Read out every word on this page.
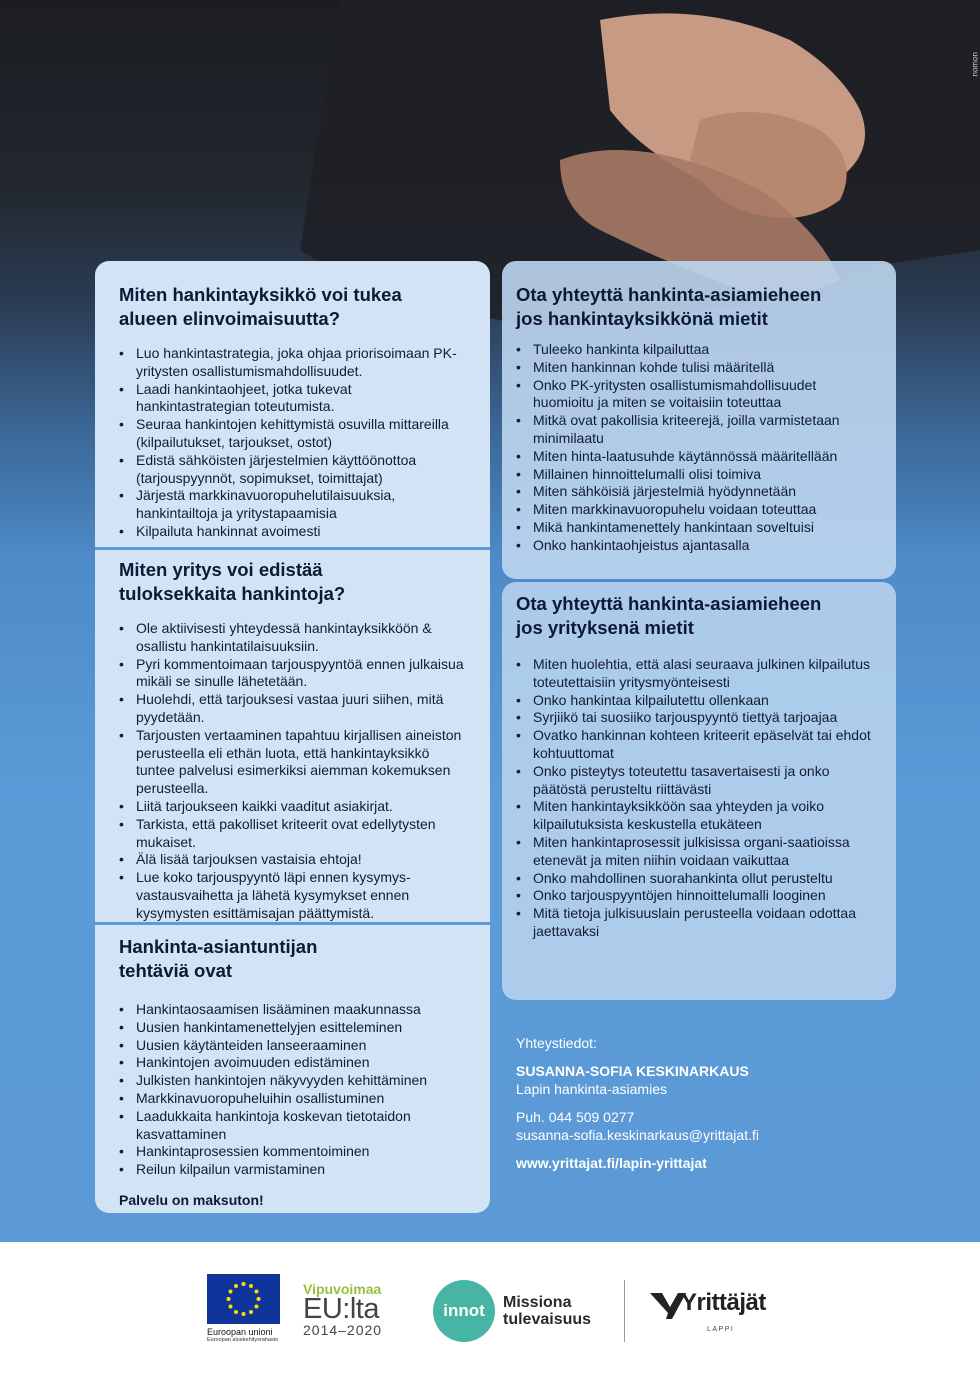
nomon
Miten hankintayksikkö voi tukea
alueen elinvoimaisuutta?
• Luo hankintastrategia, joka ohjaa priorisoimaan PK-yritysten osallistumismahdollisuudet.
• Laadi hankintaohjeet, jotka tukevat hankintastrategian toteutumista.
• Seuraa hankintojen kehittymistä osuvilla mittareilla (kilpailutukset, tarjoukset, ostot)
• Edistä sähköisten järjestelmien käyttöönottoa (tarjouspyynnöt, sopimukset, toimittajat)
• Järjestä markkinavuoropuhelutilaisuuksia, hankintailtoja ja yritystapaamisia
• Kilpailuta hankinnat avoimesti
Miten yritys voi edistää
tuloksekkaita hankintoja?
• Ole aktiivisesti yhteydessä hankintayksikköön & osallistu hankintatilaisuuksiin.
• Pyri kommentoimaan tarjouspyyntöä ennen julkaisua mikäli se sinulle lähetetään.
• Huolehdi, että tarjouksesi vastaa juuri siihen, mitä pyydetään.
• Tarjousten vertaaminen tapahtuu kirjallisen aineiston perusteella eli ethän luota, että hankintayksikkö tuntee palvelusi esimerkiksi aiemman kokemuksen perusteella.
• Liitä tarjoukseen kaikki vaaditut asiakirjat.
• Tarkista, että pakolliset kriteerit ovat edellytysten mukaiset.
• Älä lisää tarjouksen vastaisia ehtoja!
• Lue koko tarjouspyyntö läpi ennen kysymys-vastausvaihetta ja lähetä kysymykset ennen kysymysten esittämisajan päättymistä.
Hankinta-asiantuntijan
tehtäviä ovat
• Hankintaosaamisen lisääminen maakunnassa
• Uusien hankintamenettelyjen esitteleminen
• Uusien käytänteiden lanseeraaminen
• Hankintojen avoimuuden edistäminen
• Julkisten hankintojen näkyvyyden kehittäminen
• Markkinavuoropuheluihin osallistuminen
• Laadukkaita hankintoja koskevan tietotaidon kasvattaminen
• Hankintaprosessien kommentoiminen
• Reilun kilpailun varmistaminen
Palvelu on maksuton!
Ota yhteyttä hankinta-asiamieheen
jos hankintayksikkönä mietit
• Tuleeko hankinta kilpailuttaa
• Miten hankinnan kohde tulisi määritellä
• Onko PK-yritysten osallistumismahdollisuudet huomioitu ja miten se voitaisiin toteuttaa
• Mitkä ovat pakollisia kriteerejä, joilla varmistetaan minimilaatu
• Miten hinta-laatusuhde käytännössä määritellään
• Millainen hinnoittelumalli olisi toimiva
• Miten sähköisiä järjestelmiä hyödynnetään
• Miten markkinavuoropuhelu voidaan toteuttaa
• Mikä hankintamenettely hankintaan soveltuisi
• Onko hankintaohjeistus ajantasalla
Ota yhteyttä hankinta-asiamieheen
jos yrityksenä mietit
• Miten huolehtia, että alasi seuraava julkinen kilpailutus toteutettaisiin yritysmyönteisesti
• Onko hankintaa kilpailutettu ollenkaan
• Syrjiikö tai suosiiko tarjouspyyntö tiettyä tarjoajaa
• Ovatko hankinnan kohteen kriteerit epäselvät tai ehdot kohtuuttomat
• Onko pisteytys toteutettu tasavertaisesti ja onko päätöstä perusteltu riittävästi
• Miten hankintayksikköön saa yhteyden ja voiko kilpailutuksista keskustella etukäteen
• Miten hankintaprosessit julkisissa organi-saatioissa etenevät ja miten niihin voidaan vaikuttaa
• Onko mahdollinen suorahankinta ollut perusteltu
• Onko tarjouspyyntöjen hinnoittelumalli looginen
• Mitä tietoja julkisuuslain perusteella voidaan odottaa jaettavaksi
Yhteystiedot:
SUSANNA-SOFIA KESKINARKAUS
Lapin hankinta-asiamies
Puh. 044 509 0277
susanna-sofia.keskinarkaus@yrittajat.fi
www.yrittajat.fi/lapin-yrittajat
Euroopan unioni
Euroopan aluekehitysrahasto
Vipuvoimaa
EU:lta
2014–2020
innot	Missiona
tulevaisuus
Yrittäjät
LAPPI
